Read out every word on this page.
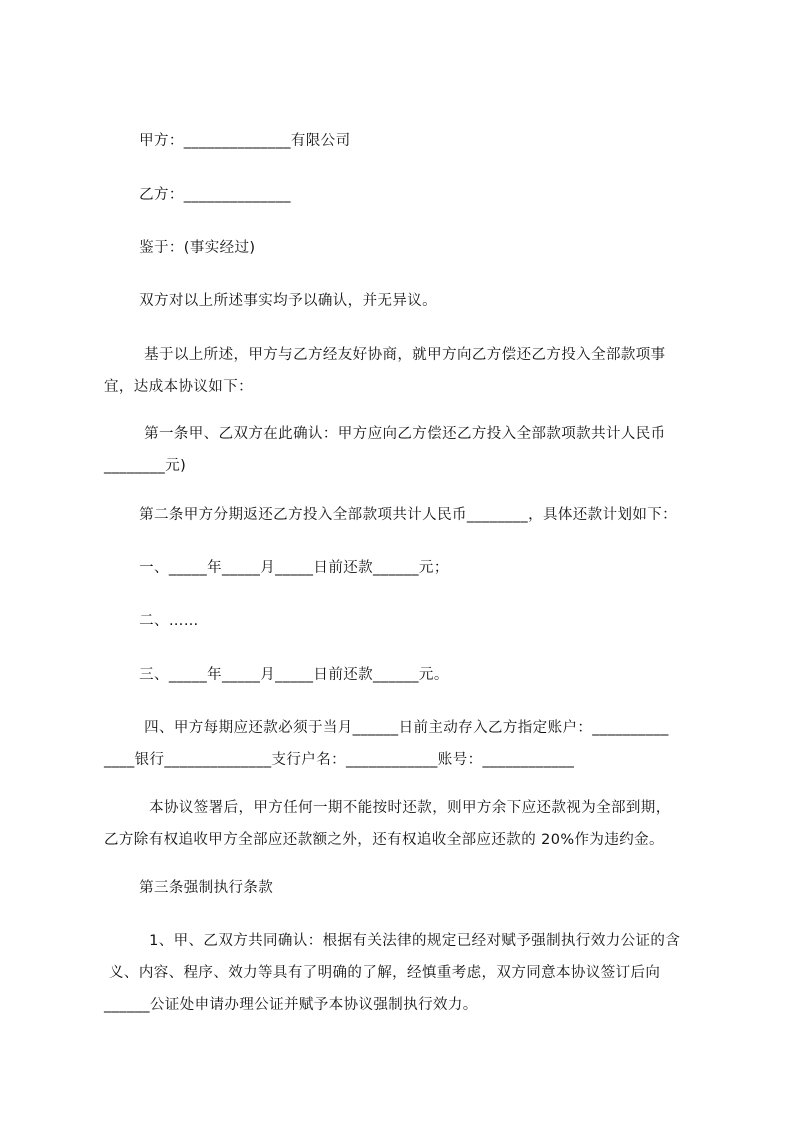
甲方：______________有限公司

乙方：______________

鉴于：(事实经过)

双方对以上所述事实均予以确认，并无异议。

基于以上所述，甲方与乙方经友好协商，就甲方向乙方偿还乙方投入全部款项事
宜，达成本协议如下：

第一条甲、乙双方在此确认：甲方应向乙方偿还乙方投入全部款项款共计人民币
________元)

第二条甲方分期返还乙方投入全部款项共计人民币________，具体还款计划如下：

一、_____年_____月_____日前还款______元；

二、……

三、_____年_____月_____日前还款______元。

四、甲方每期应还款必须于当月______日前主动存入乙方指定账户：__________
____银行______________支行户名：____________账号：____________

本协议签署后，甲方任何一期不能按时还款，则甲方余下应还款视为全部到期，
乙方除有权追收甲方全部应还款额之外，还有权追收全部应还款的 20%作为违约金。

第三条强制执行条款

1、甲、乙双方共同确认：根据有关法律的规定已经对赋予强制执行效力公证的含
义、内容、程序、效力等具有了明确的了解，经慎重考虑，双方同意本协议签订后向
______公证处申请办理公证并赋予本协议强制执行效力。
